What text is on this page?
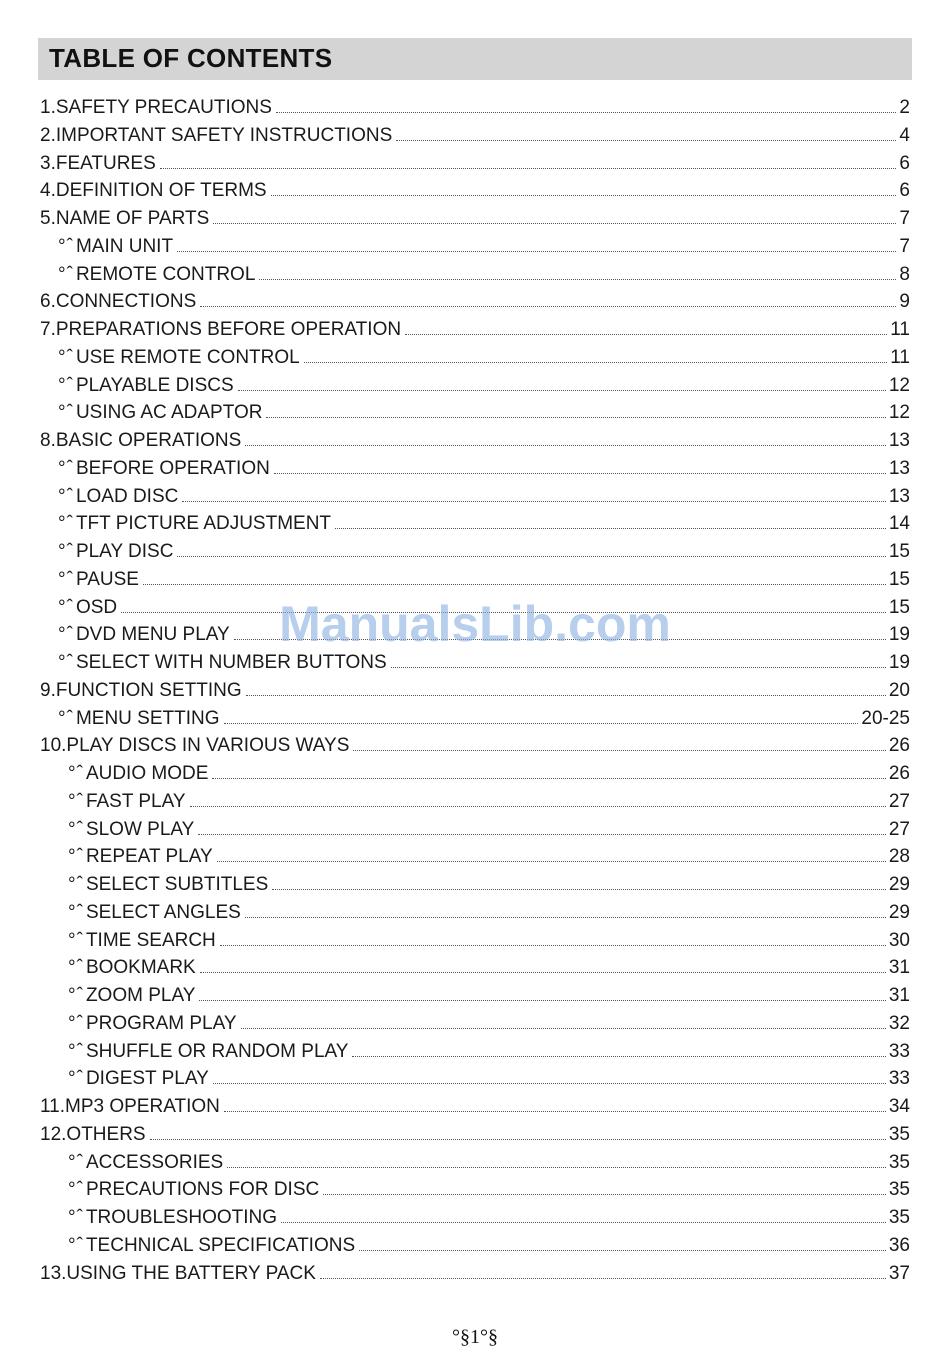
TABLE OF CONTENTS
1.SAFETY PRECAUTIONS	2
2.IMPORTANT SAFETY INSTRUCTIONS	4
3.FEATURES	6
4.DEFINITION OF TERMS	6
5.NAME OF PARTS	7
°ˆ MAIN UNIT	7
°ˆ REMOTE CONTROL	8
6.CONNECTIONS	9
7.PREPARATIONS BEFORE OPERATION	11
°ˆ USE REMOTE CONTROL	11
°ˆ PLAYABLE DISCS	12
°ˆ USING AC ADAPTOR	12
8.BASIC OPERATIONS	13
°ˆ BEFORE OPERATION	13
°ˆ LOAD DISC	13
°ˆ TFT PICTURE ADJUSTMENT	14
°ˆ PLAY DISC	15
°ˆ PAUSE	15
°ˆ OSD	15
°ˆ DVD MENU PLAY	19
°ˆ SELECT WITH NUMBER BUTTONS	19
9.FUNCTION SETTING	20
°ˆ MENU SETTING	20-25
10.PLAY DISCS IN VARIOUS WAYS	26
°ˆ AUDIO MODE	26
°ˆ FAST PLAY	27
°ˆ SLOW PLAY	27
°ˆ REPEAT PLAY	28
°ˆ SELECT SUBTITLES	29
°ˆ SELECT ANGLES	29
°ˆ TIME SEARCH	30
°ˆ BOOKMARK	31
°ˆ ZOOM PLAY	31
°ˆ PROGRAM PLAY	32
°ˆ SHUFFLE OR RANDOM PLAY	33
°ˆ DIGEST PLAY	33
11.MP3 OPERATION	34
12.OTHERS	35
°ˆ ACCESSORIES	35
°ˆ PRECAUTIONS FOR DISC	35
°ˆ TROUBLESHOOTING	35
°ˆ TECHNICAL SPECIFICATIONS	36
13.USING THE BATTERY PACK	37
ManualsLib.com
°§1°§
